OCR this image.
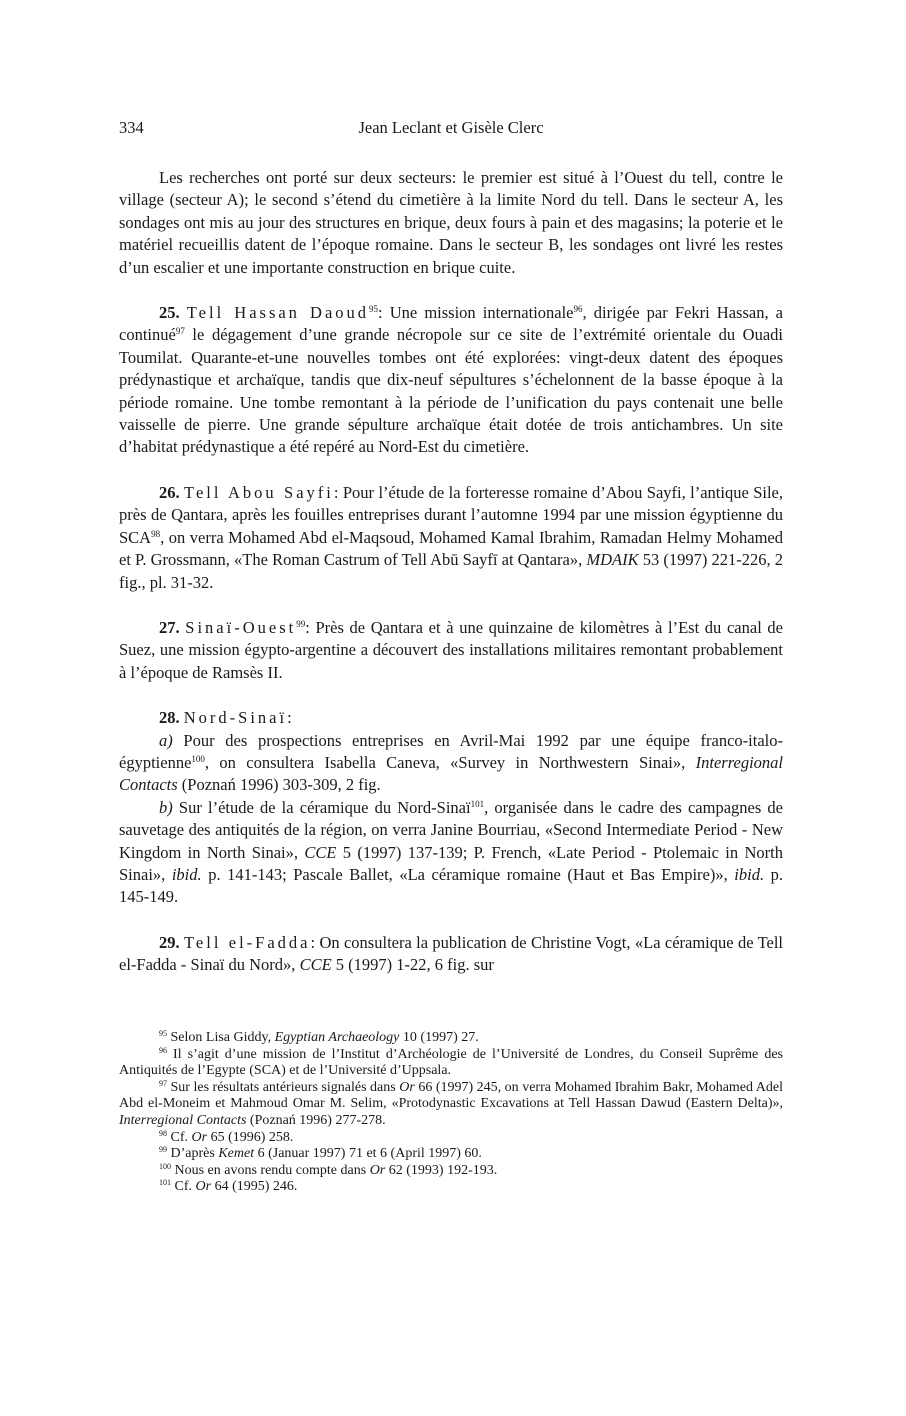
334	Jean Leclant et Gisèle Clerc

Les recherches ont porté sur deux secteurs: le premier est situé à l’Ouest du tell, contre le village (secteur A); le second s’étend du cimetière à la limite Nord du tell. Dans le secteur A, les sondages ont mis au jour des structures en brique, deux fours à pain et des magasins; la poterie et le matériel recueillis datent de l’époque romaine. Dans le secteur B, les sondages ont livré les restes d’un escalier et une importante construction en brique cuite.

25. Tell Hassan Daoud$^{95}$: Une mission internationale$^{96}$, dirigée par Fekri Hassan, a continué$^{97}$ le dégagement d’une grande nécropole sur ce site de l’extrémité orientale du Ouadi Toumilat. Quarante-et-une nouvelles tombes ont été explorées: vingt-deux datent des époques prédynastique et archaïque, tandis que dix-neuf sépultures s’échelonnent de la basse époque à la période romaine. Une tombe remontant à la période de l’unification du pays contenait une belle vaisselle de pierre. Une grande sépulture archaïque était dotée de trois antichambres. Un site d’habitat prédynastique a été repéré au Nord-Est du cimetière.

26. Tell Abou Sayfi: Pour l’étude de la forteresse romaine d’Abou Sayfi, l’antique Sile, près de Qantara, après les fouilles entreprises durant l’automne 1994 par une mission égyptienne du SCA$^{98}$, on verra Mohamed Abd el-Maqsoud, Mohamed Kamal Ibrahim, Ramadan Helmy Mohamed et P. Grossmann, «The Roman Castrum of Tell Abū Sayfī at Qantara», MDAIK 53 (1997) 221-226, 2 fig., pl. 31-32.

27. Sinaï-Ouest$^{99}$: Près de Qantara et à une quinzaine de kilomètres à l’Est du canal de Suez, une mission égypto-argentine a découvert des installations militaires remontant probablement à l’époque de Ramsès II.

28. Nord-Sinaï:

a) Pour des prospections entreprises en Avril-Mai 1992 par une équipe franco-italo-égyptienne$^{100}$, on consultera Isabella Caneva, «Survey in Northwestern Sinai», Interregional Contacts (Poznań 1996) 303-309, 2 fig.

b) Sur l’étude de la céramique du Nord-Sinaï$^{101}$, organisée dans le cadre des campagnes de sauvetage des antiquités de la région, on verra Janine Bourriau, «Second Intermediate Period - New Kingdom in North Sinai», CCE 5 (1997) 137-139; P. French, «Late Period - Ptolemaic in North Sinai», ibid. p. 141-143; Pascale Ballet, «La céramique romaine (Haut et Bas Empire)», ibid. p. 145-149.

29. Tell el-Fadda: On consultera la publication de Christine Vogt, «La céramique de Tell el-Fadda - Sinaï du Nord», CCE 5 (1997) 1-22, 6 fig. sur

$^{95}$ Selon Lisa Giddy, Egyptian Archaeology 10 (1997) 27.

$^{96}$ Il s’agit d’une mission de l’Institut d’Archéologie de l’Université de Londres, du Conseil Suprême des Antiquités de l’Egypte (SCA) et de l’Université d’Uppsala.

$^{97}$ Sur les résultats antérieurs signalés dans Or 66 (1997) 245, on verra Mohamed Ibrahim Bakr, Mohamed Adel Abd el-Moneim et Mahmoud Omar M. Selim, «Protodynastic Excavations at Tell Hassan Dawud (Eastern Delta)», Interregional Contacts (Poznań 1996) 277-278.

$^{98}$ Cf. Or 65 (1996) 258.

$^{99}$ D’après Kemet 6 (Januar 1997) 71 et 6 (April 1997) 60.

$^{100}$ Nous en avons rendu compte dans Or 62 (1993) 192-193.

$^{101}$ Cf. Or 64 (1995) 246.
